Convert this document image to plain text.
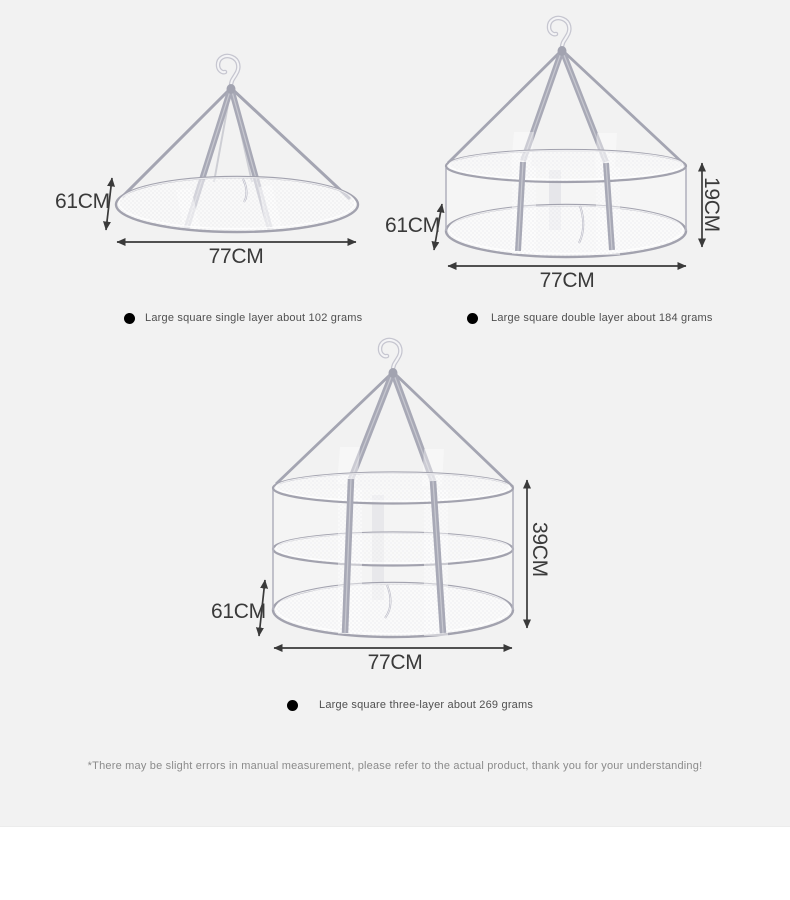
61CM
77CM
61CM	19CM
77CM
39CM
61CM
77CM
Large square single layer about 102 grams	Large square double layer about 184 grams
Large square three-layer about 269 grams
*There may be slight errors in manual measurement, please refer to the actual product, thank you for your understanding!
